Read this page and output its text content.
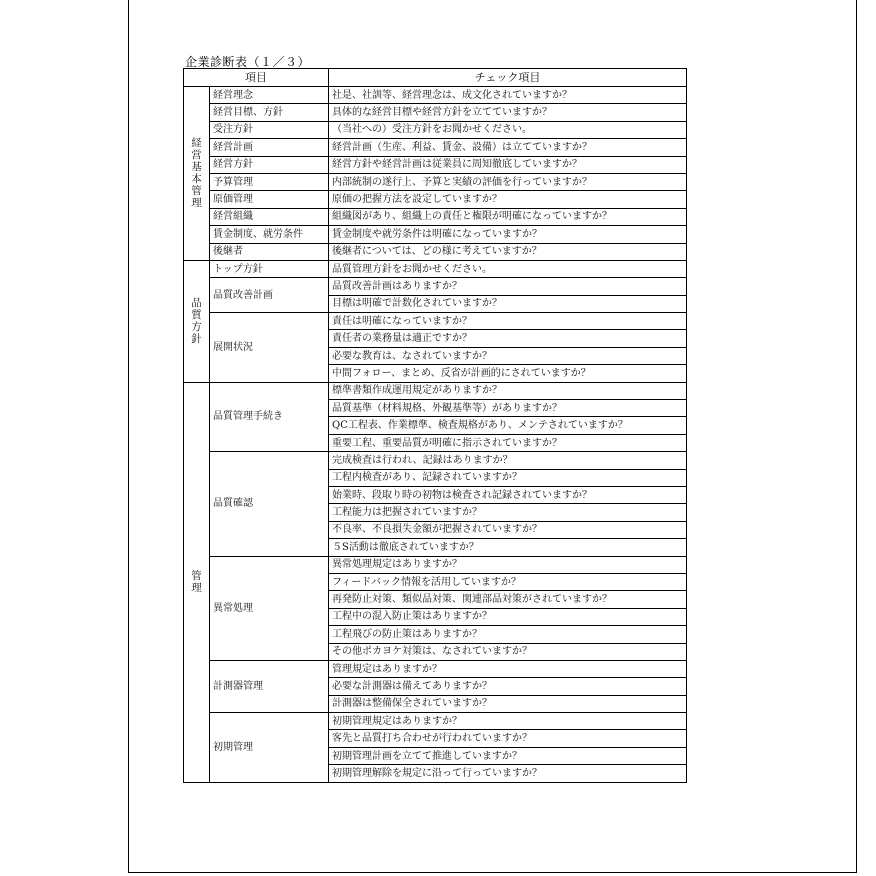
企業診断表（１／３）
項目		チェック項目
経営基本管理	経営理念	社是、社訓等、経営理念は、成文化されていますか？
	経営目標、方針	具体的な経営目標や経営方針を立てていますか？
	受注方針	（当社への）受注方針をお聞かせください。
	経営計画	経営計画（生産、利益、賃金、設備）は立てていますか？
	経営方針	経営方針や経営計画は従業員に周知徹底していますか？
	予算管理	内部統制の遂行上、予算と実績の評価を行っていますか？
	原価管理	原価の把握方法を設定していますか？
	経営組織	組織図があり、組織上の責任と権限が明確になっていますか？
	賃金制度、就労条件	賃金制度や就労条件は明確になっていますか？
	後継者	後継者については、どの様に考えていますか？
品質方針	トップ方針	品質管理方針をお聞かせください。
	品質改善計画	品質改善計画はありますか？
		目標は明確で計数化されていますか？
	展開状況	責任は明確になっていますか？
		責任者の業務量は適正ですか？
		必要な教育は、なされていますか？
		中間フォロー、まとめ、反省が計画的にされていますか？
管理	品質管理手続き	標準書類作成運用規定がありますか？
		品質基準（材料規格、外観基準等）がありますか？
		QC工程表、作業標準、検査規格があり、メンテされていますか？
		重要工程、重要品質が明確に指示されていますか？
	品質確認	完成検査は行われ、記録はありますか？
		工程内検査があり、記録されていますか？
		始業時、段取り時の初物は検査され記録されていますか？
		工程能力は把握されていますか？
		不良率、不良損失金額が把握されていますか？
		５S活動は徹底されていますか？
	異常処理	異常処理規定はありますか？
		フィードバック情報を活用していますか？
		再発防止対策、類似品対策、関連部品対策がされていますか？
		工程中の混入防止策はありますか？
		工程飛びの防止策はありますか？
		その他ポカヨケ対策は、なされていますか？
	計測器管理	管理規定はありますか？
		必要な計測器は備えてありますか？
		計測器は整備保全されていますか？
	初期管理	初期管理規定はありますか？
		客先と品質打ち合わせが行われていますか？
		初期管理計画を立てて推進していますか？
		初期管理解除を規定に沿って行っていますか？
